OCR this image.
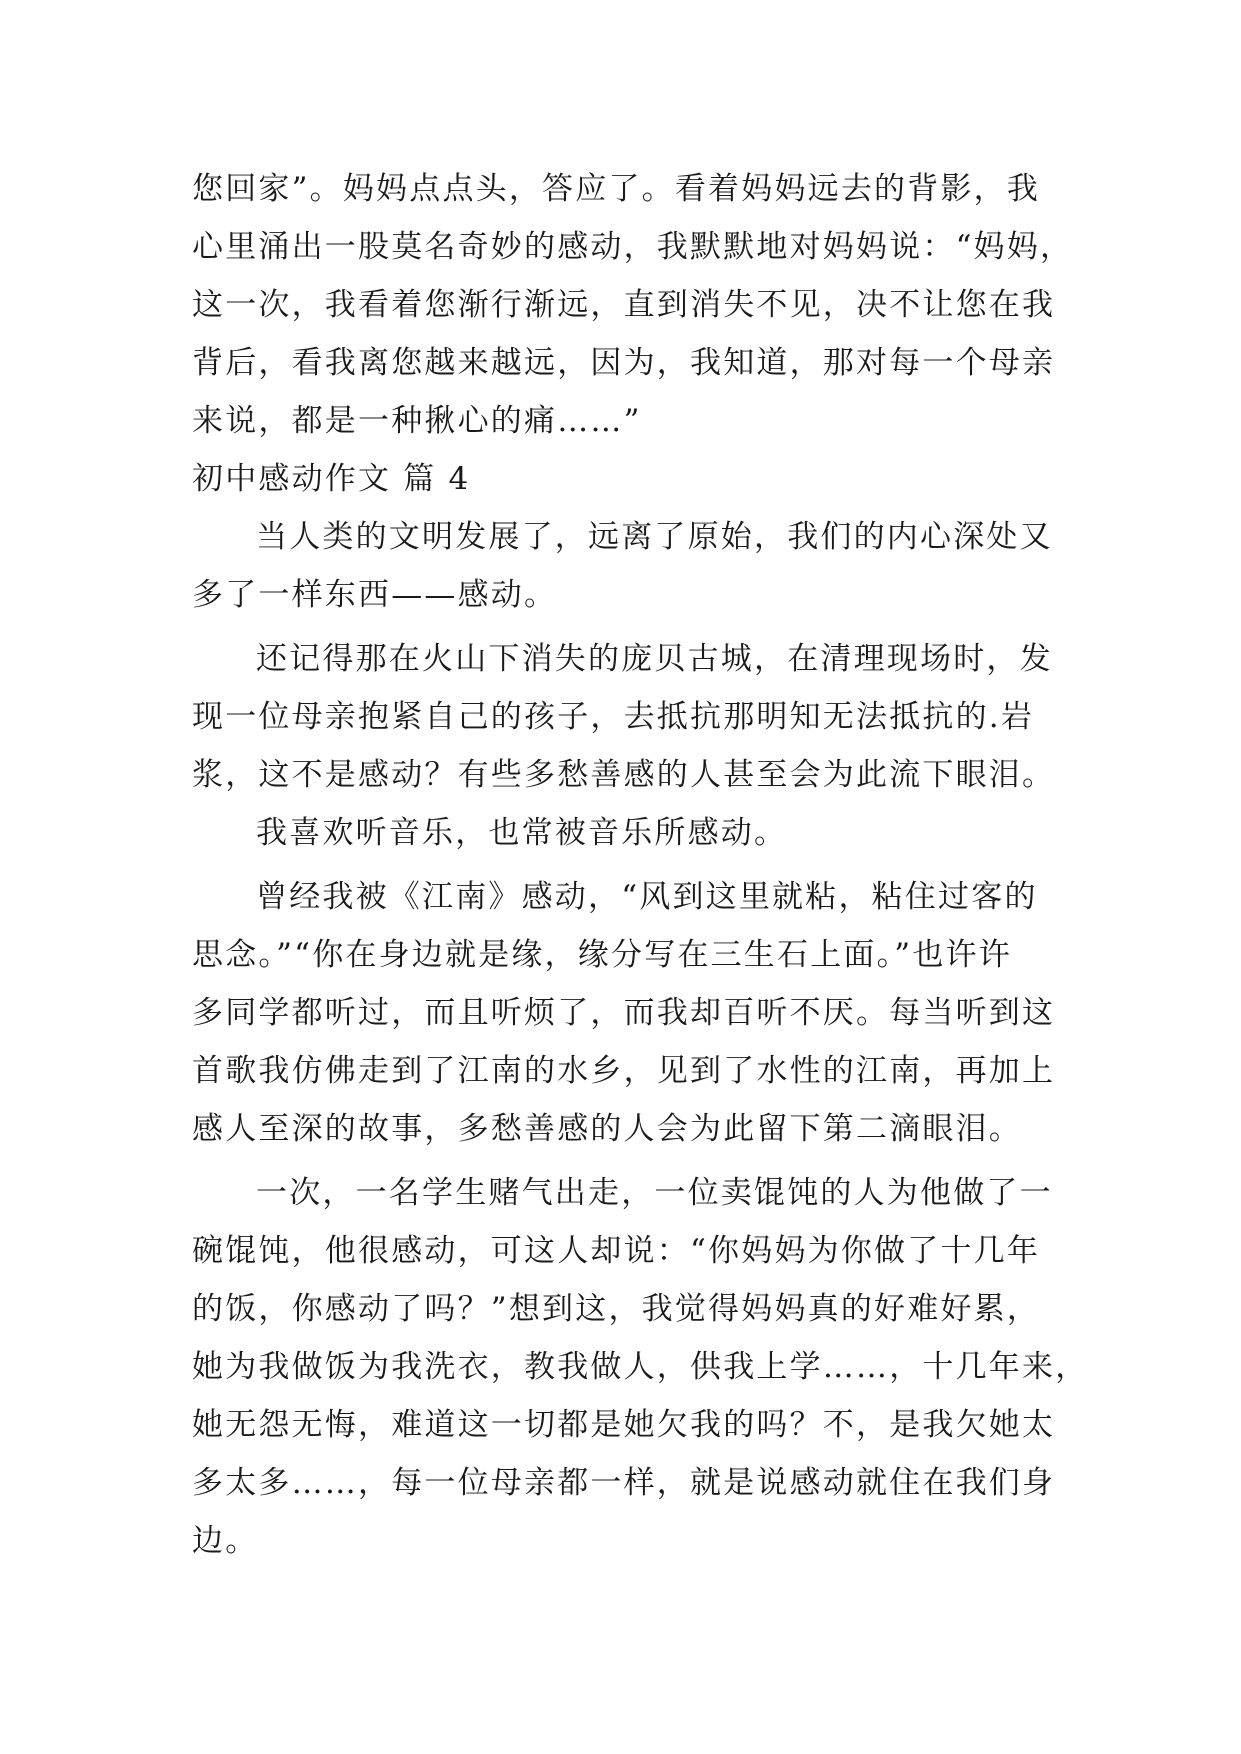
您回家”。妈妈点点头，答应了。看着妈妈远去的背影，我
心里涌出一股莫名奇妙的感动，我默默地对妈妈说：“妈妈，
这一次，我看着您渐行渐远，直到消失不见，决不让您在我
背后，看我离您越来越远，因为，我知道，那对每一个母亲
来说，都是一种揪心的痛……”
初中感动作文 篇 4
当人类的文明发展了，远离了原始，我们的内心深处又
多了一样东西——感动。
还记得那在火山下消失的庞贝古城，在清理现场时，发
现一位母亲抱紧自己的孩子，去抵抗那明知无法抵抗的.岩
浆，这不是感动？有些多愁善感的人甚至会为此流下眼泪。
我喜欢听音乐，也常被音乐所感动。
曾经我被《江南》感动，“风到这里就粘，粘住过客的
思念。”“你在身边就是缘，缘分写在三生石上面。”也许许
多同学都听过，而且听烦了，而我却百听不厌。每当听到这
首歌我仿佛走到了江南的水乡，见到了水性的江南，再加上
感人至深的故事，多愁善感的人会为此留下第二滴眼泪。
一次，一名学生赌气出走，一位卖馄饨的人为他做了一
碗馄饨，他很感动，可这人却说：“你妈妈为你做了十几年
的饭，你感动了吗？”想到这，我觉得妈妈真的好难好累，
她为我做饭为我洗衣，教我做人，供我上学……，十几年来，
她无怨无悔，难道这一切都是她欠我的吗？不，是我欠她太
多太多……，每一位母亲都一样，就是说感动就住在我们身
边。
